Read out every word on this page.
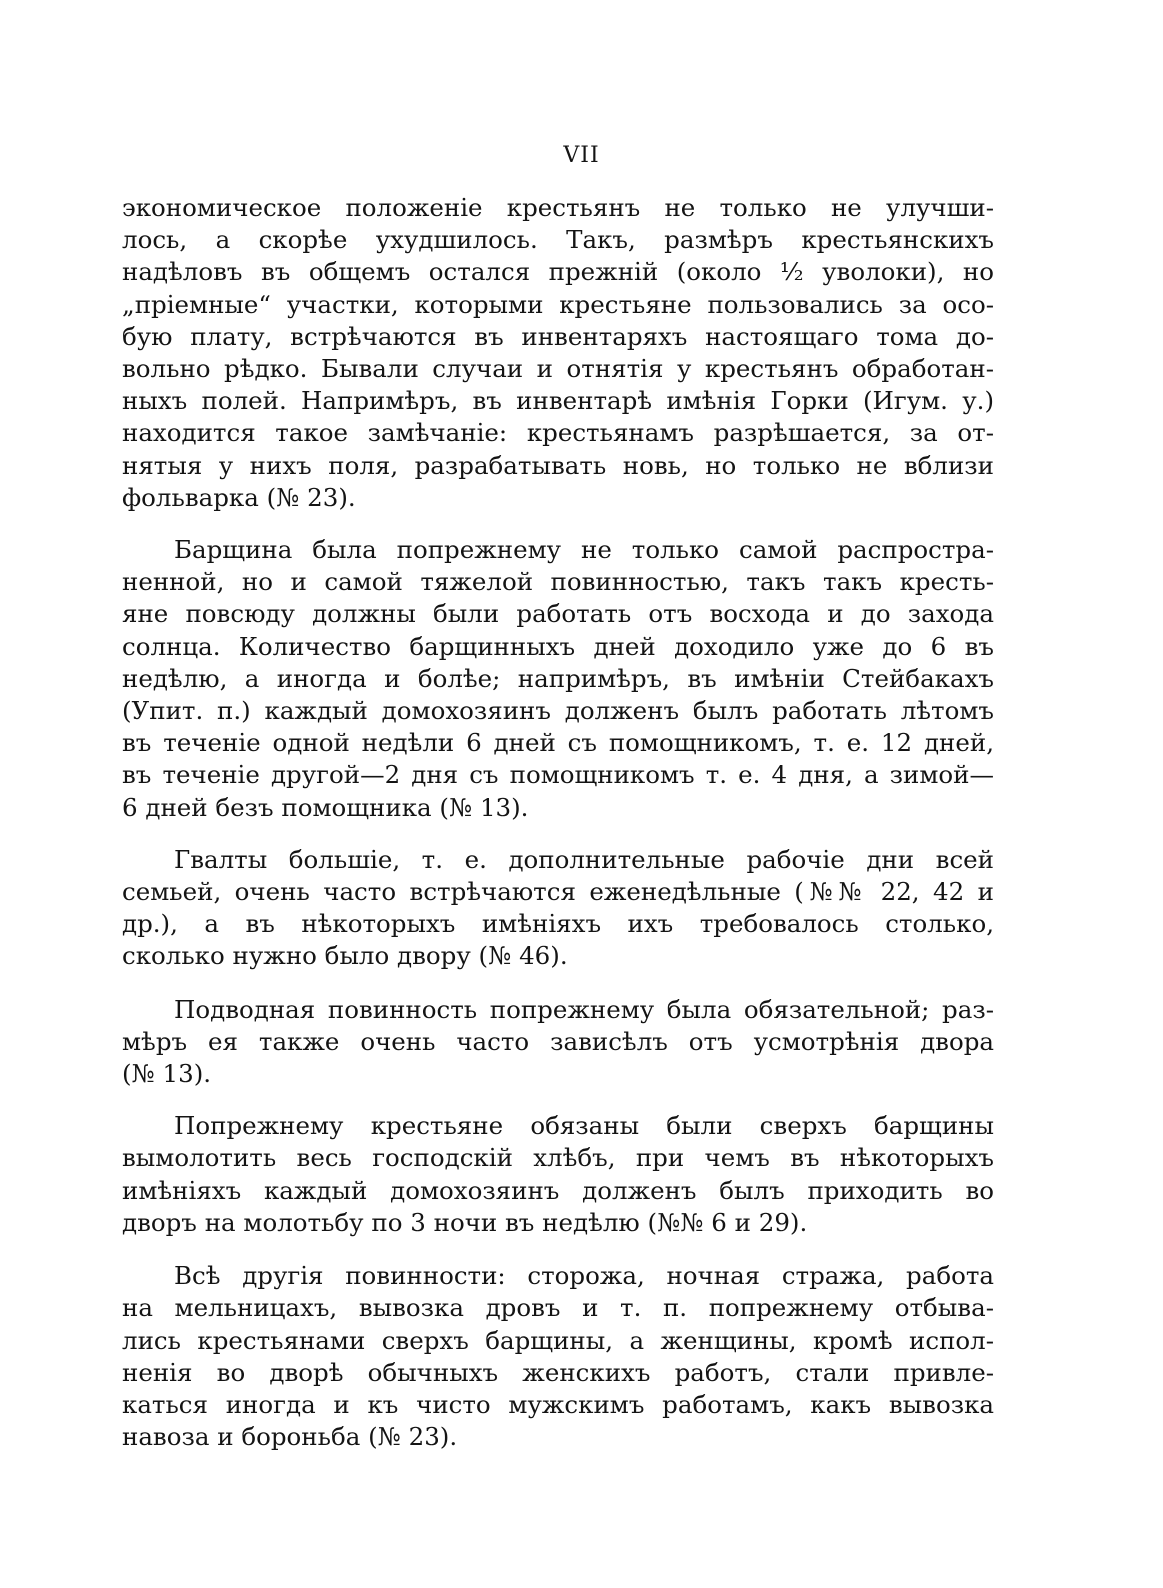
VII

экономическое положенiе крестьянъ не только не улучши-
лось, а скорѣе ухудшилось. Такъ, размѣръ крестьянскихъ
надѣловъ въ общемъ остался прежнiй (около ½ уволоки), но
„прiемные“ участки, которыми крестьяне пользовались за осо-
бую плату, встрѣчаются въ инвентаряхъ настоящаго тома до-
вольно рѣдко. Бывали случаи и отнятiя у крестьянъ обработан-
ныхъ полей. Напримѣръ, въ инвентарѣ имѣнiя Горки (Игум. у.)
находится такое замѣчанiе: крестьянамъ разрѣшается, за от-
нятыя у нихъ поля, разрабатывать новь, но только не вблизи
фольварка (№ 23).

Барщина была попрежнему не только самой распростра-
ненной, но и самой тяжелой повинностью, такъ такъ кресть-
яне повсюду должны были работать отъ восхода и до захода
солнца. Количество барщинныхъ дней доходило уже до 6 въ
недѣлю, а иногда и болѣе; напримѣръ, въ имѣнiи Стейбакахъ
(Упит. п.) каждый домохозяинъ долженъ былъ работать лѣтомъ
въ теченiе одной недѣли 6 дней съ помощникомъ, т. е. 12 дней,
въ теченiе другой—2 дня съ помощникомъ т. е. 4 дня, а зимой—
6 дней безъ помощника (№ 13).

Гвалты большiе, т. е. дополнительные рабочiе дни всей
семьей, очень часто встрѣчаются еженедѣльные (№№ 22, 42 и
др.), а въ нѣкоторыхъ имѣнiяхъ ихъ требовалось столько,
сколько нужно было двору (№ 46).

Подводная повинность попрежнему была обязательной; раз-
мѣръ ея также очень часто зависѣлъ отъ усмотрѣнiя двора
(№ 13).

Попрежнему крестьяне обязаны были сверхъ барщины
вымолотить весь господскiй хлѣбъ, при чемъ въ нѣкоторыхъ
имѣнiяхъ каждый домохозяинъ долженъ былъ приходить во
дворъ на молотьбу по 3 ночи въ недѣлю (№№ 6 и 29).

Всѣ другiя повинности: сторожа, ночная стража, работа
на мельницахъ, вывозка дровъ и т. п. попрежнему отбыва-
лись крестьянами сверхъ барщины, а женщины, кромѣ испол-
ненiя во дворѣ обычныхъ женскихъ работъ, стали привле-
каться иногда и къ чисто мужскимъ работамъ, какъ вывозка
навоза и бороньба (№ 23).
